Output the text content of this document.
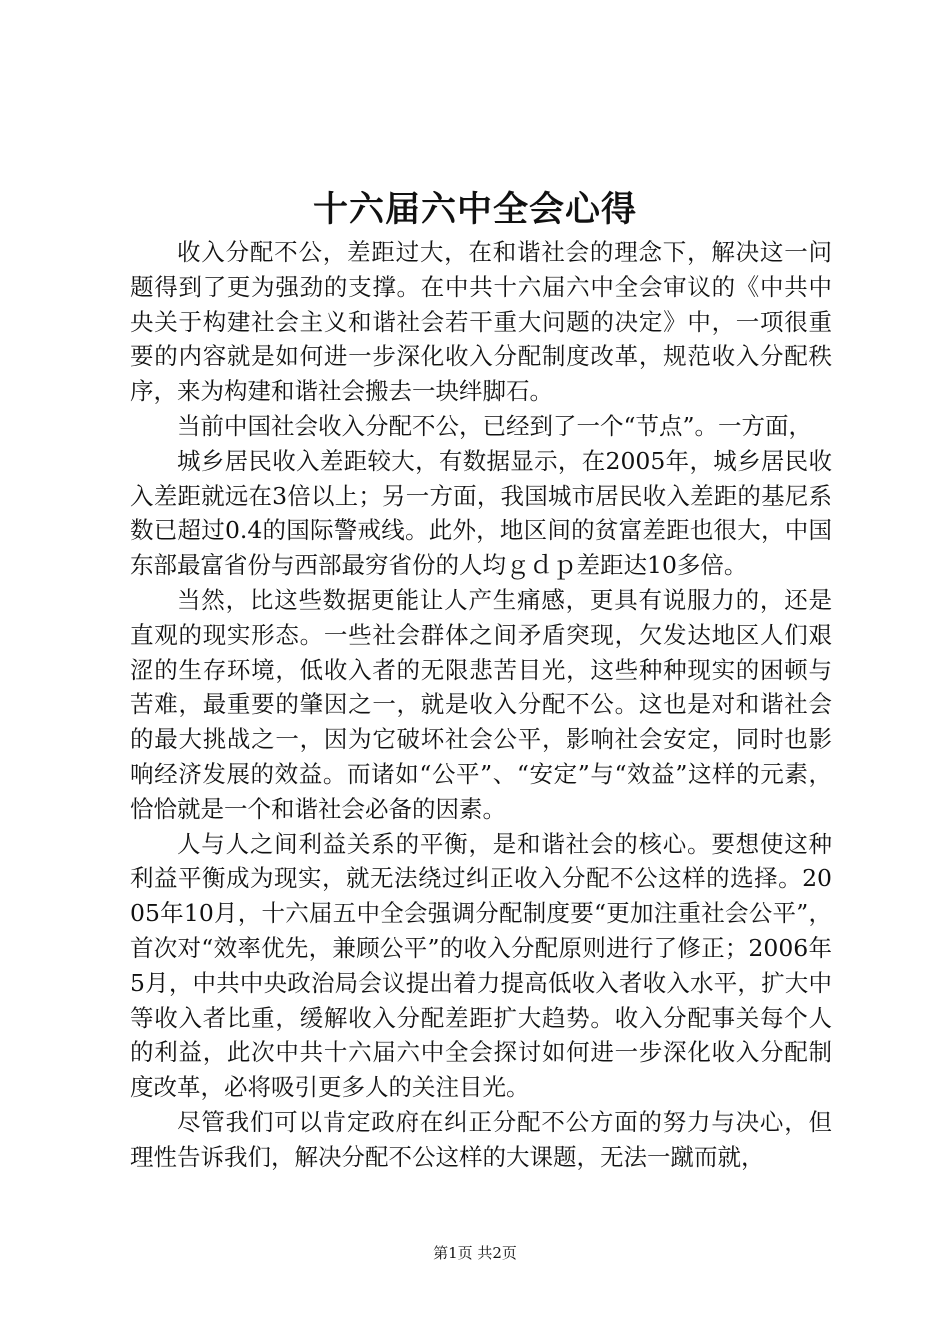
十六届六中全会心得

收入分配不公，差距过大，在和谐社会的理念下，解决这一问题得到了更为强劲的支撑。在中共十六届六中全会审议的《中共中央关于构建社会主义和谐社会若干重大问题的决定》中，一项很重要的内容就是如何进一步深化收入分配制度改革，规范收入分配秩序，来为构建和谐社会搬去一块绊脚石。

当前中国社会收入分配不公，已经到了一个“节点”。一方面，

城乡居民收入差距较大，有数据显示，在2005年，城乡居民收入差距就远在3倍以上；另一方面，我国城市居民收入差距的基尼系数已超过0.4的国际警戒线。此外，地区间的贫富差距也很大，中国东部最富省份与西部最穷省份的人均ｇｄｐ差距达10多倍。

当然，比这些数据更能让人产生痛感，更具有说服力的，还是直观的现实形态。一些社会群体之间矛盾突现，欠发达地区人们艰涩的生存环境，低收入者的无限悲苦目光，这些种种现实的困顿与苦难，最重要的肇因之一，就是收入分配不公。这也是对和谐社会的最大挑战之一，因为它破坏社会公平，影响社会安定，同时也影响经济发展的效益。而诸如“公平”、“安定”与“效益”这样的元素，恰恰就是一个和谐社会必备的因素。

人与人之间利益关系的平衡，是和谐社会的核心。要想使这种利益平衡成为现实，就无法绕过纠正收入分配不公这样的选择。2005年10月，十六届五中全会强调分配制度要“更加注重社会公平”，首次对“效率优先，兼顾公平”的收入分配原则进行了修正；2006年5月，中共中央政治局会议提出着力提高低收入者收入水平，扩大中等收入者比重，缓解收入分配差距扩大趋势。收入分配事关每个人的利益，此次中共十六届六中全会探讨如何进一步深化收入分配制度改革，必将吸引更多人的关注目光。

尽管我们可以肯定政府在纠正分配不公方面的努力与决心，但理性告诉我们，解决分配不公这样的大课题，无法一蹴而就，

第1页 共2页
